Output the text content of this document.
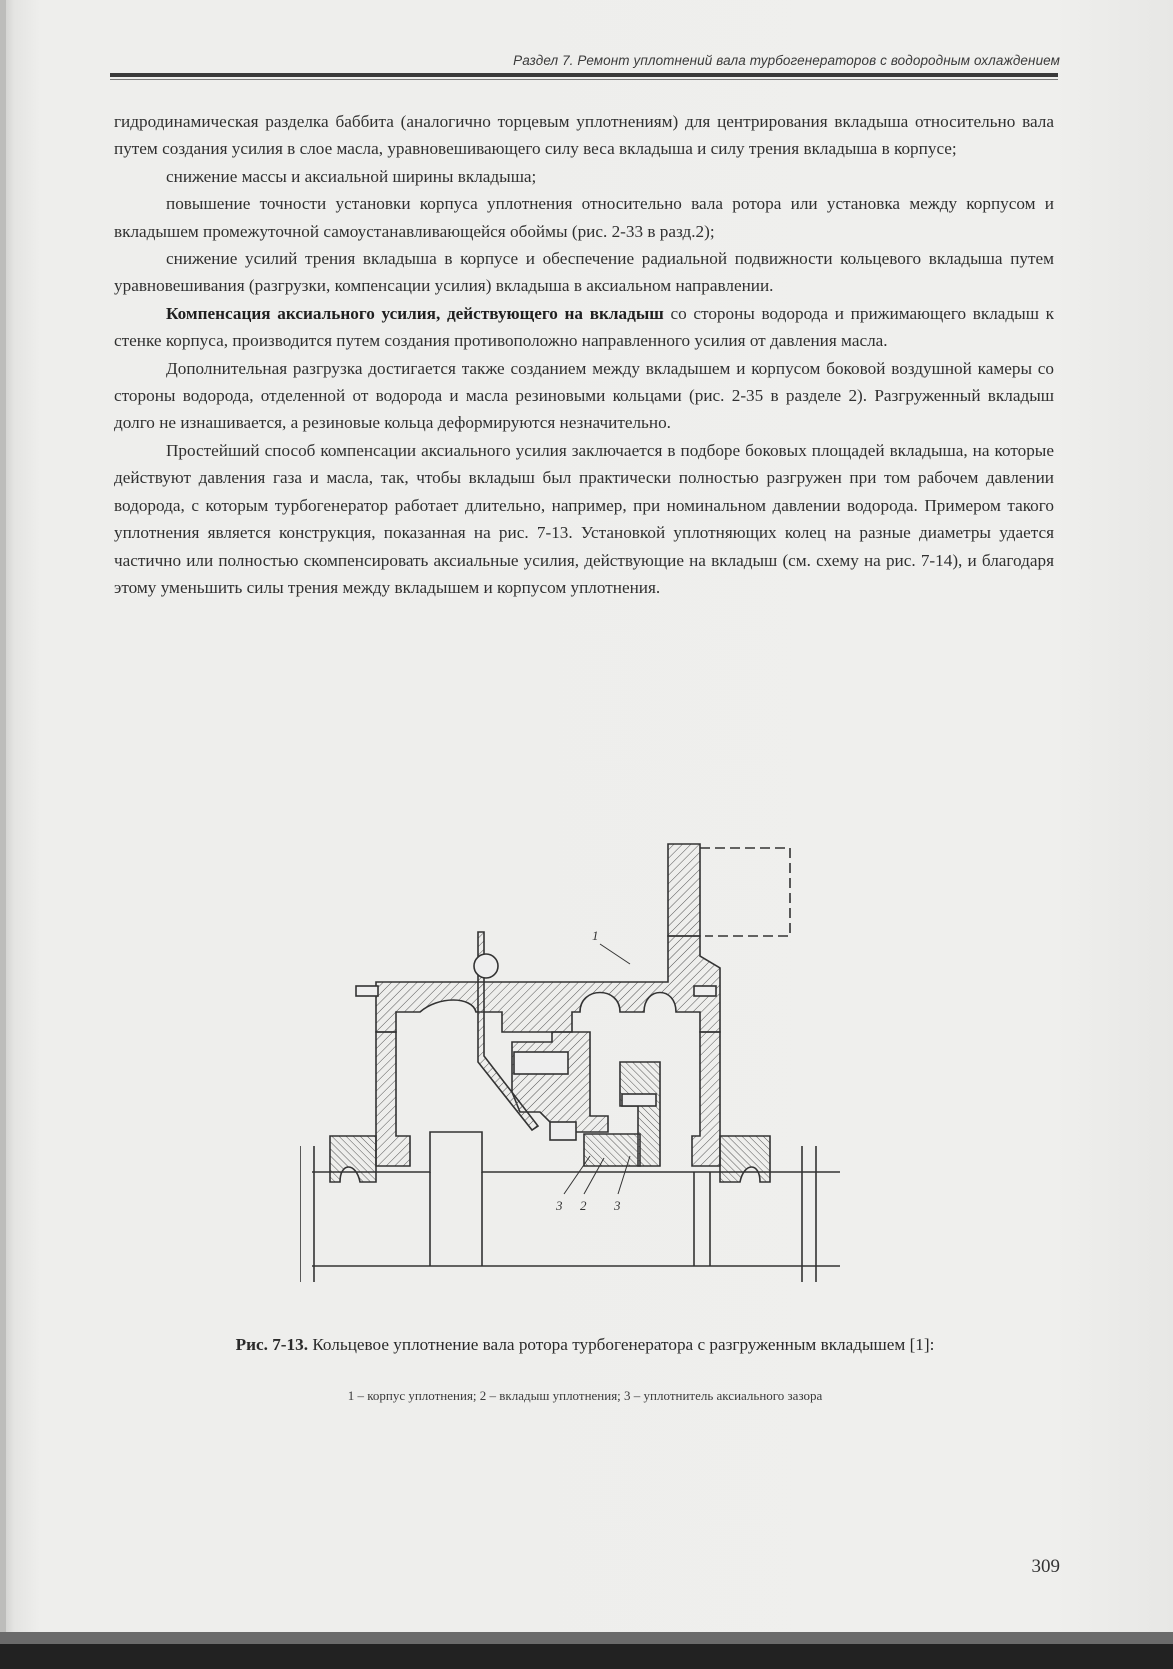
Раздел 7. Ремонт уплотнений вала турбогенераторов с водородным охлаждением

гидродинамическая разделка баббита (аналогично торцевым уплотнениям) для центрирования вкладыша относительно вала путем создания усилия в слое масла, уравновешивающего силу веса вкладыша и силу трения вкладыша в корпусе;

снижение массы и аксиальной ширины вкладыша;

повышение точности установки корпуса уплотнения относительно вала ротора или установка между корпусом и вкладышем промежуточной самоустанавливающейся обоймы (рис. 2-33 в разд.2);

снижение усилий трения вкладыша в корпусе и обеспечение радиальной подвижности кольцевого вкладыша путем уравновешивания (разгрузки, компенсации усилия) вкладыша в аксиальном направлении.

Компенсация аксиального усилия, действующего на вкладыш со стороны водорода и прижимающего вкладыш к стенке корпуса, производится путем создания противоположно направленного усилия от давления масла.

Дополнительная разгрузка достигается также созданием между вкладышем и корпусом боковой воздушной камеры со стороны водорода, отделенной от водорода и масла резиновыми кольцами (рис. 2-35 в разделе 2). Разгруженный вкладыш долго не изнашивается, а резиновые кольца деформируются незначительно.

Простейший способ компенсации аксиального усилия заключается в подборе боковых площадей вкладыша, на которые действуют давления газа и масла, так, чтобы вкладыш был практически полностью разгружен при том рабочем давлении водорода, с которым турбогенератор работает длительно, например, при номинальном давлении водорода. Примером такого уплотнения является конструкция, показанная на рис. 7-13. Установкой уплотняющих колец на разные диаметры удается частично или полностью скомпенсировать аксиальные усилия, действующие на вкладыш (см. схему на рис. 7-14), и благодаря этому уменьшить силы трения между вкладышем и корпусом уплотнения.

1
3 2 3
Рис. 7-13. Кольцевое уплотнение вала ротора турбогенератора с разгруженным вкладышем [1]:
1 – корпус уплотнения; 2 – вкладыш уплотнения; 3 – уплотнитель аксиального зазора
309
